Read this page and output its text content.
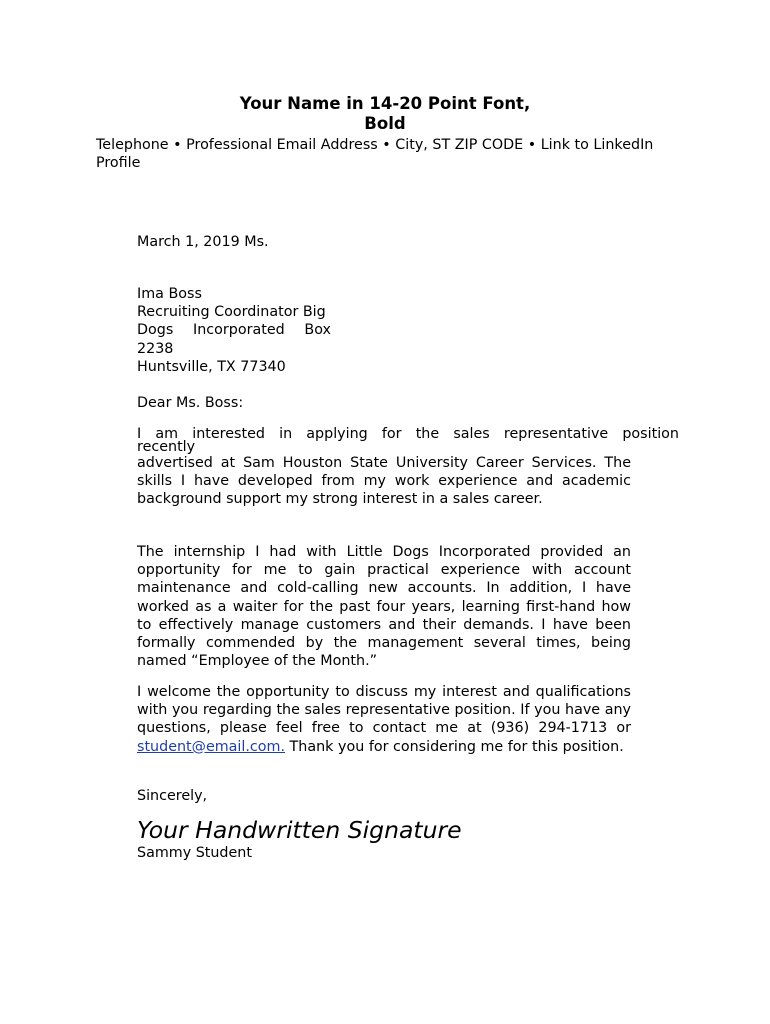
Your Name in 14-20 Point Font,
Bold
Telephone • Professional Email Address • City, ST ZIP CODE • Link to LinkedIn Profile
March 1, 2019 Ms.

Ima Boss

Recruiting Coordinator Big

Dogs Incorporated Box

2238

Huntsville, TX 77340

Dear Ms. Boss:

I am interested in applying for the sales representative position

recently

advertised at Sam Houston State University Career Services. The skills I have developed from my work experience and academic background support my strong interest in a sales career.

The internship I had with Little Dogs Incorporated provided an opportunity for me to gain practical experience with account maintenance and cold-calling new accounts. In addition, I have worked as a waiter for the past four years, learning first-hand how to effectively manage customers and their demands. I have been formally commended by the management several times, being named “Employee of the Month.”
I welcome the opportunity to discuss my interest and qualifications with you regarding the sales representative position. If you have any questions, please feel free to contact me at (936) 294-1713 or student@email.com. Thank you for considering me for this position.
Sincerely,
Your Handwritten Signature
Sammy Student
